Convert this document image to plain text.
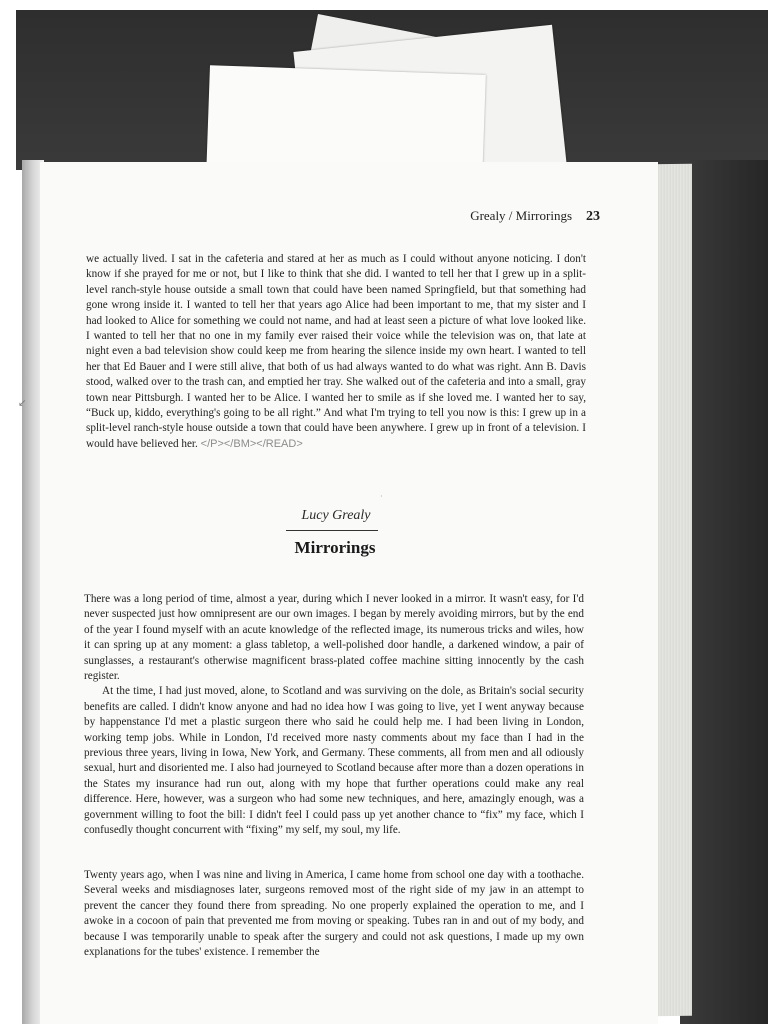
Grealy / Mirrorings 23

we actually lived. I sat in the cafeteria and stared at her as much as I could without anyone noticing. I don't know if she prayed for me or not, but I like to think that she did. I wanted to tell her that I grew up in a split-level ranch-style house outside a small town that could have been named Springfield, but that something had gone wrong inside it. I wanted to tell her that years ago Alice had been important to me, that my sister and I had looked to Alice for something we could not name, and had at least seen a picture of what love looked like. I wanted to tell her that no one in my family ever raised their voice while the television was on, that late at night even a bad television show could keep me from hearing the silence inside my own heart. I wanted to tell her that Ed Bauer and I were still alive, that both of us had always wanted to do what was right. Ann B. Davis stood, walked over to the trash can, and emptied her tray. She walked out of the cafeteria and into a small, gray town near Pittsburgh. I wanted her to be Alice. I wanted her to smile as if she loved me. I wanted her to say, “Buck up, kiddo, everything's going to be all right.” And what I'm trying to tell you now is this: I grew up in a split-level ranch-style house outside a town that could have been anywhere. I grew up in front of a television. I would have believed her. </P></BM></READ>

·
Lucy Grealy
Mirrorings

There was a long period of time, almost a year, during which I never looked in a mirror. It wasn't easy, for I'd never suspected just how omnipresent are our own images. I began by merely avoiding mirrors, but by the end of the year I found myself with an acute knowledge of the reflected image, its numerous tricks and wiles, how it can spring up at any moment: a glass tabletop, a well-polished door handle, a darkened window, a pair of sunglasses, a restaurant's otherwise magnificent brass-plated coffee machine sitting innocently by the cash register.

At the time, I had just moved, alone, to Scotland and was surviving on the dole, as Britain's social security benefits are called. I didn't know anyone and had no idea how I was going to live, yet I went anyway because by happenstance I'd met a plastic surgeon there who said he could help me. I had been living in London, working temp jobs. While in London, I'd received more nasty comments about my face than I had in the previous three years, living in Iowa, New York, and Germany. These comments, all from men and all odiously sexual, hurt and disoriented me. I also had journeyed to Scotland because after more than a dozen operations in the States my insurance had run out, along with my hope that further operations could make any real difference. Here, however, was a surgeon who had some new techniques, and here, amazingly enough, was a government willing to foot the bill: I didn't feel I could pass up yet another chance to “fix” my face, which I confusedly thought concurrent with “fixing” my self, my soul, my life.

Twenty years ago, when I was nine and living in America, I came home from school one day with a toothache. Several weeks and misdiagnoses later, surgeons removed most of the right side of my jaw in an attempt to prevent the cancer they found there from spreading. No one properly explained the operation to me, and I awoke in a cocoon of pain that prevented me from moving or speaking. Tubes ran in and out of my body, and because I was temporarily unable to speak after the surgery and could not ask questions, I made up my own explanations for the tubes' existence. I remember the

↙
